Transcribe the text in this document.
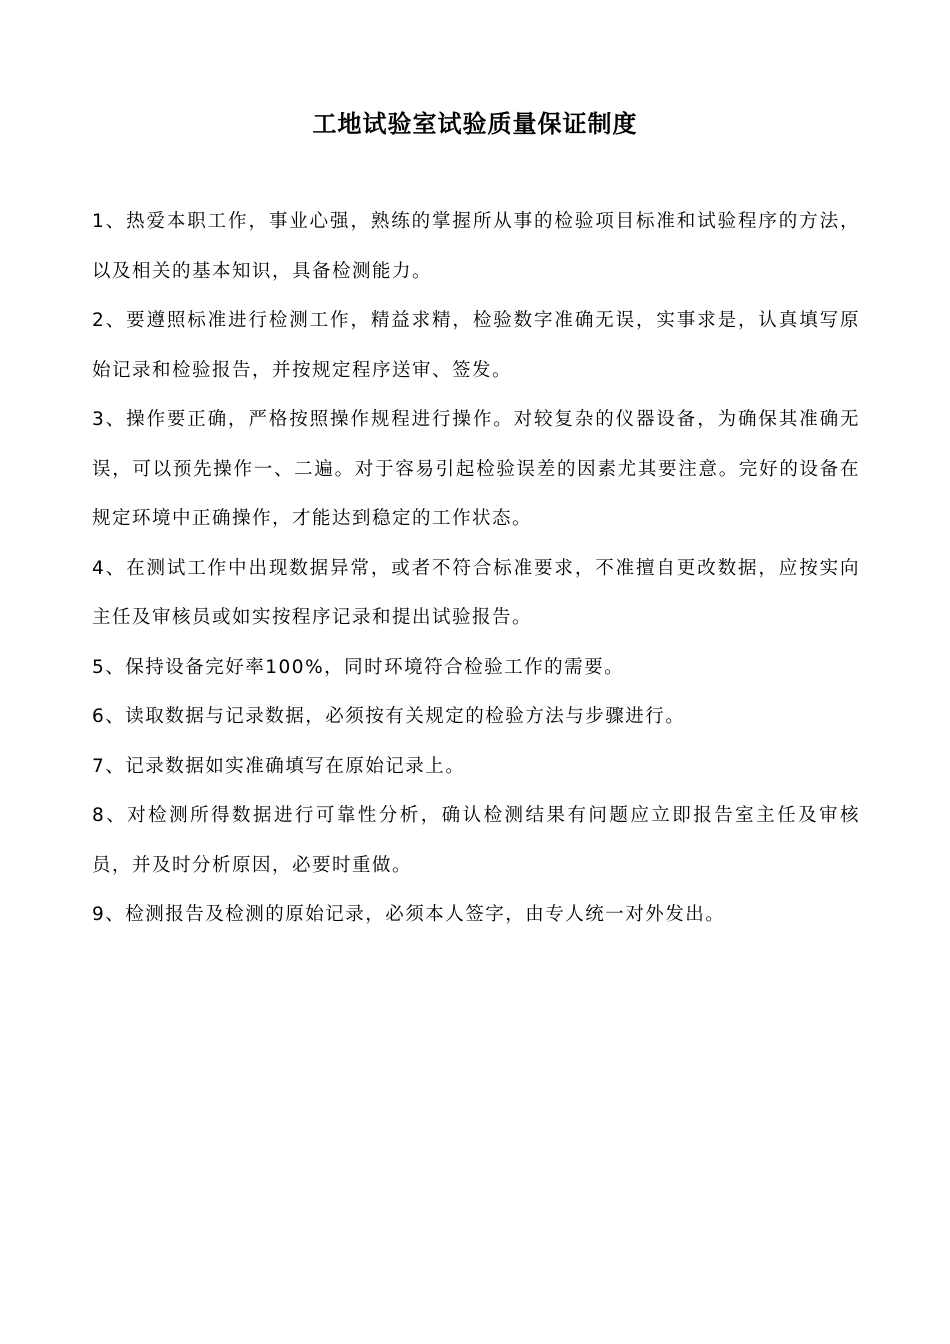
工地试验室试验质量保证制度

1、热爱本职工作，事业心强，熟练的掌握所从事的检验项目标准和试验程序的方法，以及相关的基本知识，具备检测能力。

2、要遵照标准进行检测工作，精益求精，检验数字准确无误，实事求是，认真填写原始记录和检验报告，并按规定程序送审、签发。

3、操作要正确，严格按照操作规程进行操作。对较复杂的仪器设备，为确保其准确无误，可以预先操作一、二遍。对于容易引起检验误差的因素尤其要注意。完好的设备在规定环境中正确操作，才能达到稳定的工作状态。

4、在测试工作中出现数据异常，或者不符合标准要求，不准擅自更改数据，应按实向主任及审核员或如实按程序记录和提出试验报告。

5、保持设备完好率100%，同时环境符合检验工作的需要。

6、读取数据与记录数据，必须按有关规定的检验方法与步骤进行。

7、记录数据如实准确填写在原始记录上。

8、对检测所得数据进行可靠性分析，确认检测结果有问题应立即报告室主任及审核员，并及时分析原因，必要时重做。

9、检测报告及检测的原始记录，必须本人签字，由专人统一对外发出。
